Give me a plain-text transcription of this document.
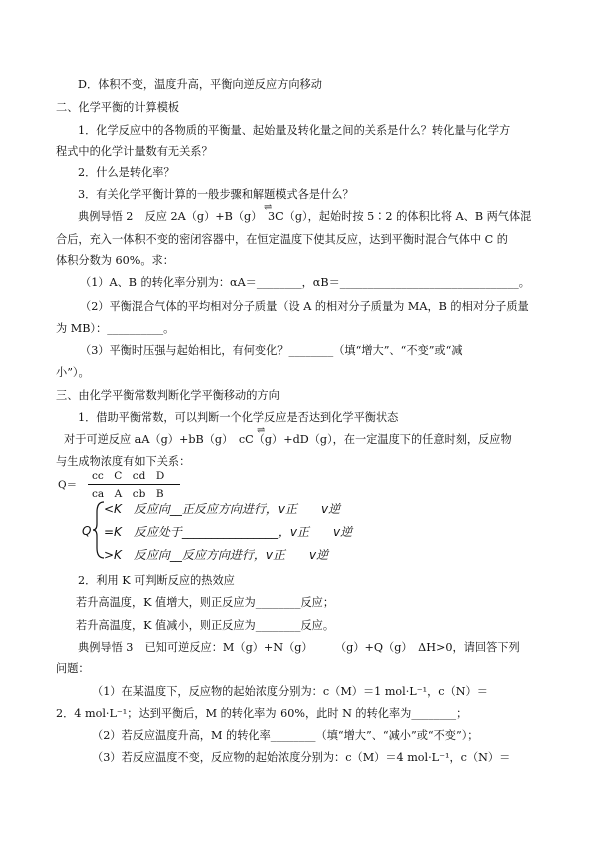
D．体积不变，温度升高，平衡向逆反应方向移动
二、化学平衡的计算模板
1．化学反应中的各物质的平衡量、起始量及转化量之间的关系是什么？转化量与化学方
程式中的化学计量数有无关系？
2．什么是转化率？
3．有关化学平衡计算的一般步骤和解题模式各是什么？
典例导悟 2　反应 2A（g）+B（g）　3C（g），起始时按 5∶2 的体积比将 A、B 两气体混
⇌
合后，充入一体积不变的密闭容器中，在恒定温度下使其反应，达到平衡时混合气体中 C 的
体积分数为 60%。求：
（1）A、B 的转化率分别为：αA＝________，αB＝________________________________。
（2）平衡混合气体的平均相对分子质量（设 A 的相对分子质量为 MA，B 的相对分子质量
为 MB）：__________。
（3）平衡时压强与起始相比，有何变化？________（填“增大”、“不变”或“减
小”）。
三、由化学平衡常数判断化学平衡移动的方向
1．借助平衡常数，可以判断一个化学反应是否达到化学平衡状态
对于可逆反应 aA（g）+bB（g）　cC（g）+dD（g），在一定温度下的任意时刻，反应物
⇌
与生成物浓度有如下关系：
Q＝
cc　C　cd　D
ca　A　cb　B
Q
<K　反应向__正反应方向进行，v正　　v逆
=K　反应处于________________，v正　　v逆
>K　反应向__反应方向进行，v正　　v逆
2．利用 K 可判断反应的热效应
若升高温度，K 值增大，则正反应为________反应；
若升高温度，K 值减小，则正反应为________反应。
典例导悟 3　已知可逆反应：M（g）+N（g）　　　（g）+Q（g）　ΔH>0，请回答下列
问题：
（1）在某温度下，反应物的起始浓度分别为：c（M）＝1 mol·L⁻¹，c（N）＝
2．4 mol·L⁻¹；达到平衡后，M 的转化率为 60%，此时 N 的转化率为________；
（2）若反应温度升高，M 的转化率________（填“增大”、“减小”或“不变”）；
（3）若反应温度不变，反应物的起始浓度分别为：c（M）＝4 mol·L⁻¹，c（N）＝
